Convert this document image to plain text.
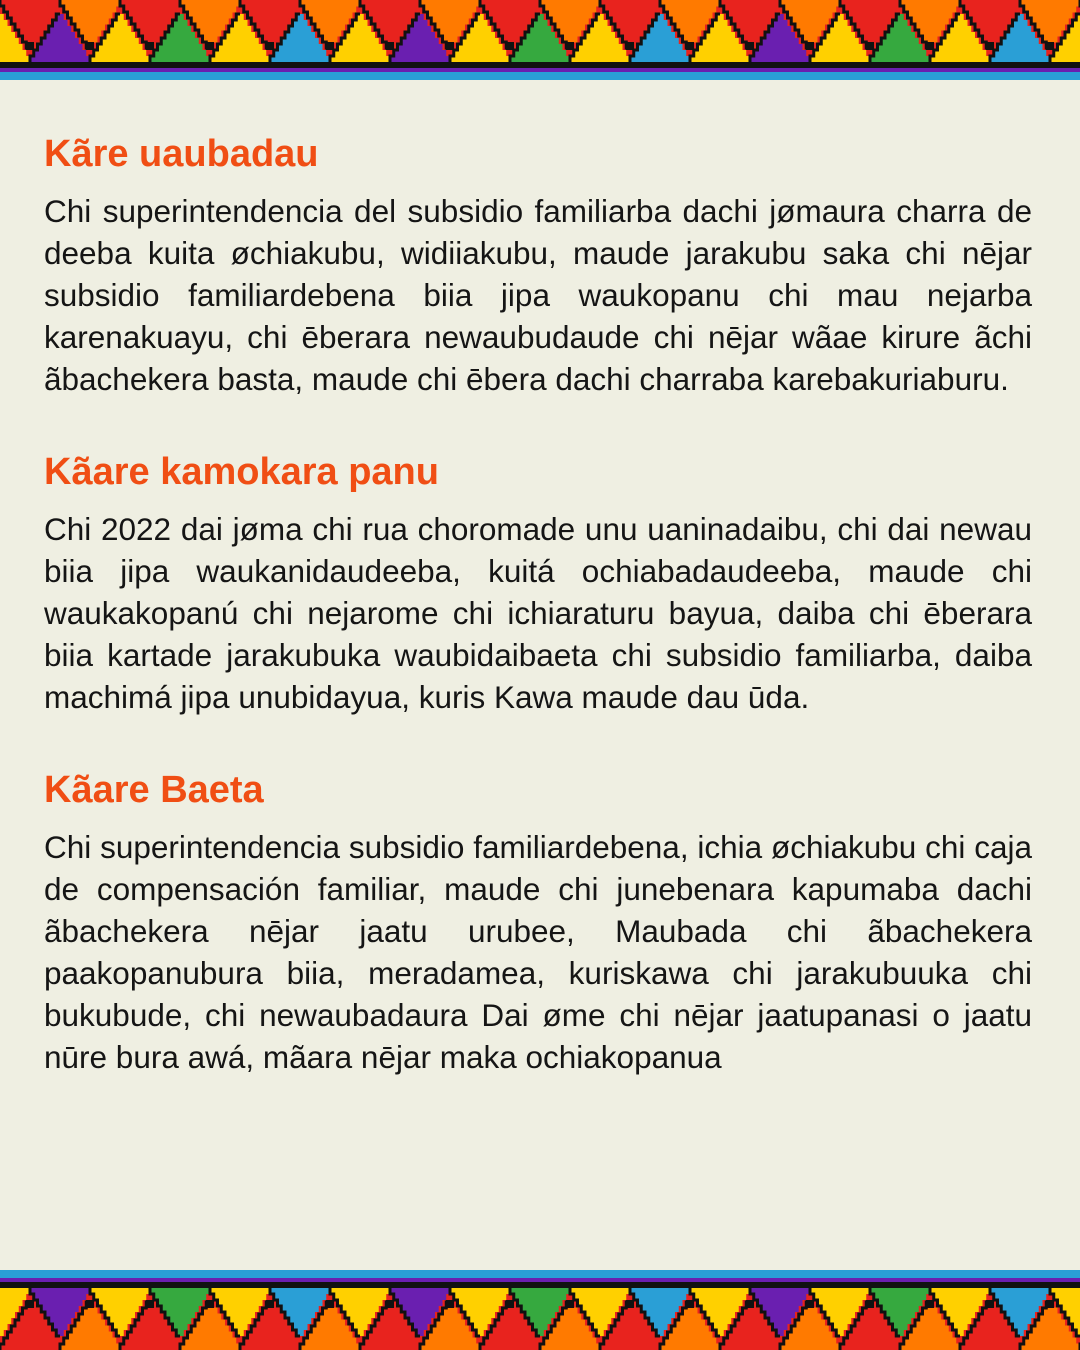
Kãre uaubadau

Chi superintendencia del subsidio familiarba dachi jømaura charra de deeba kuita øchiakubu, widiiakubu, maude jarakubu saka chi nējar subsidio familiardebena biia jipa waukopanu chi mau nejarba karenakuayu, chi ēberara newaubudaude chi nējar wãae kirure ãchi ãbachekera basta, maude chi ēbera dachi charraba karebakuriaburu.

Kãare kamokara panu

Chi 2022 dai jøma chi rua choromade unu uaninadaibu, chi dai newau biia jipa waukanidaudeeba, kuitá ochiabadaudeeba, maude chi waukakopanú chi nejarome chi ichiaraturu bayua, daiba chi ēberara biia kartade jarakubuka waubidaibaeta chi subsidio familiarba, daiba machimá jipa unubidayua, kuris Kawa maude dau ūda.

Kãare Baeta

Chi superintendencia subsidio familiardebena, ichia øchiakubu chi caja de compensación familiar, maude chi junebenara kapumaba dachi ãbachekera nējar jaatu urubee, Maubada chi ãbachekera paakopanubura biia, meradamea, kuriskawa chi jarakubuuka chi bukubude, chi newaubadaura Dai øme chi nējar jaatupanasi o jaatu nūre bura awá, mãara nējar maka ochiakopanua
